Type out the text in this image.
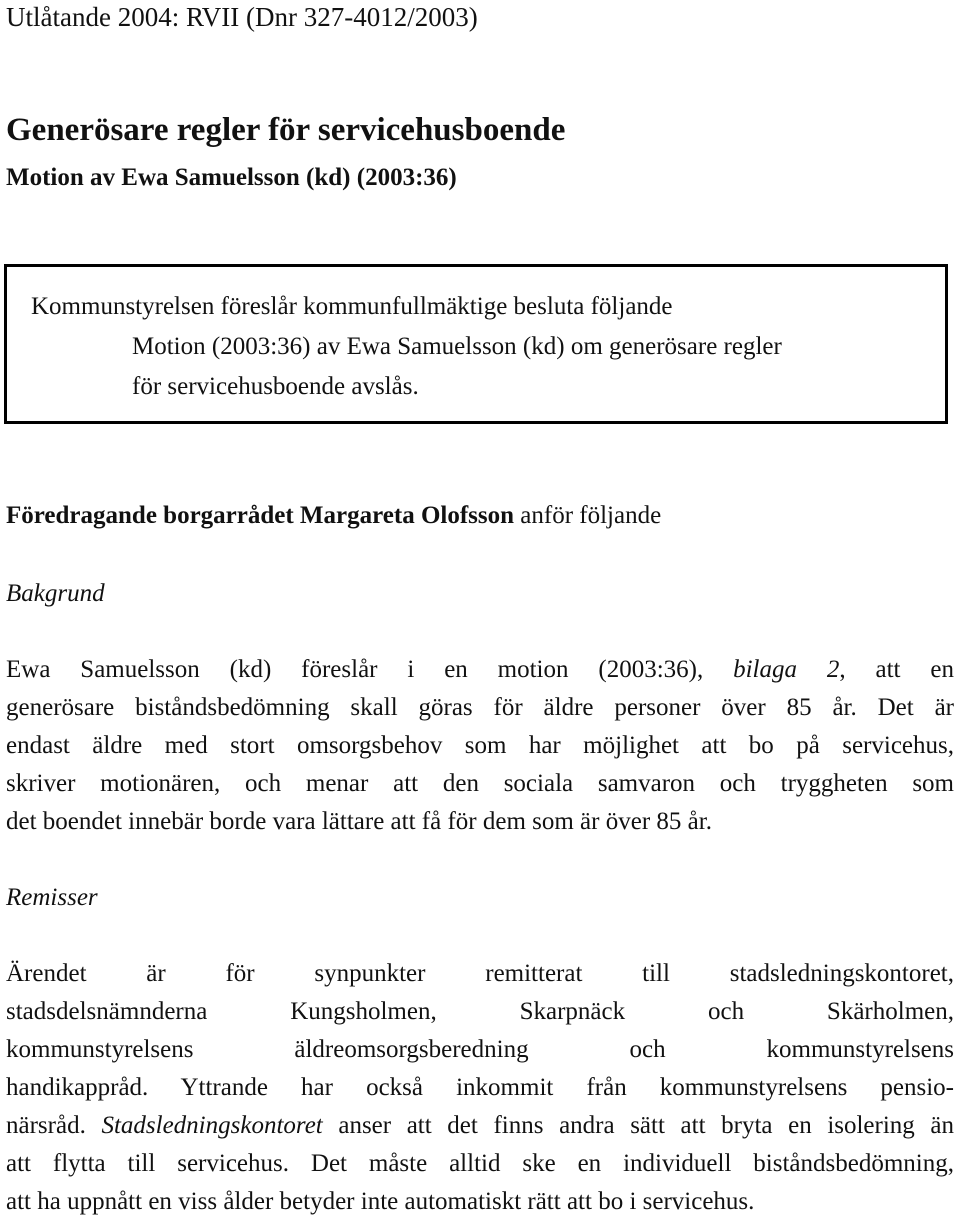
Utlåtande 2004: RVII (Dnr 327-4012/2003)
Generösare regler för servicehusboende
Motion av Ewa Samuelsson (kd) (2003:36)
Kommunstyrelsen föreslår kommunfullmäktige besluta följande
Motion (2003:36) av Ewa Samuelsson (kd) om generösare regler
för servicehusboende avslås.
Föredragande borgarrådet Margareta Olofsson anför följande
Bakgrund
Ewa Samuelsson (kd) föreslår i en motion (2003:36), bilaga 2, att en
generösare biståndsbedömning skall göras för äldre personer över 85 år. Det är
endast äldre med stort omsorgsbehov som har möjlighet att bo på servicehus,
skriver motionären, och menar att den sociala samvaron och tryggheten som
det boendet innebär borde vara lättare att få för dem som är över 85 år.
Remisser
Ärendet är för synpunkter remitterat till stadsledningskontoret,
stadsdelsnämnderna Kungsholmen, Skarpnäck och Skärholmen,
kommunstyrelsens äldreomsorgsberedning och kommunstyrelsens
handikappråd. Yttrande har också inkommit från kommunstyrelsens pensio-
närsråd. Stadsledningskontoret anser att det finns andra sätt att bryta en isolering än
att flytta till servicehus. Det måste alltid ske en individuell biståndsbedömning,
att ha uppnått en viss ålder betyder inte automatiskt rätt att bo i servicehus.
